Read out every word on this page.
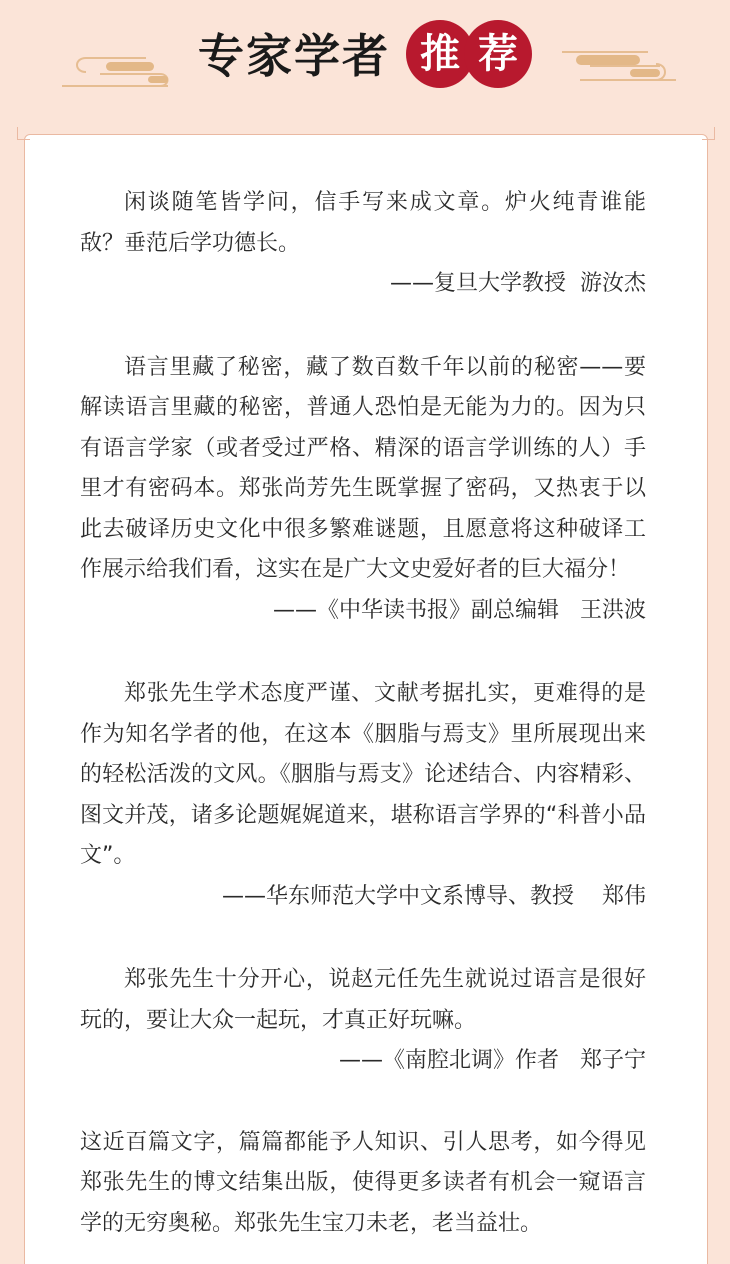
专家学者 推 荐

闲谈随笔皆学问，信手写来成文章。炉火纯青谁能敌？垂范后学功德长。

——复旦大学教授  游汝杰

语言里藏了秘密，藏了数百数千年以前的秘密——要解读语言里藏的秘密，普通人恐怕是无能为力的。因为只有语言学家（或者受过严格、精深的语言学训练的人）手里才有密码本。郑张尚芳先生既掌握了密码，又热衷于以此去破译历史文化中很多繁难谜题，且愿意将这种破译工作展示给我们看，这实在是广大文史爱好者的巨大福分！

——《中华读书报》副总编辑   王洪波

郑张先生学术态度严谨、文献考据扎实，更难得的是作为知名学者的他，在这本《胭脂与焉支》里所展现出来的轻松活泼的文风。《胭脂与焉支》论述结合、内容精彩、图文并茂，诸多论题娓娓道来，堪称语言学界的“科普小品文”。

——华东师范大学中文系博导、教授    郑伟

郑张先生十分开心，说赵元任先生就说过语言是很好玩的，要让大众一起玩，才真正好玩嘛。

——《南腔北调》作者   郑子宁

这近百篇文字，篇篇都能予人知识、引人思考，如今得见郑张先生的博文结集出版，使得更多读者有机会一窥语言学的无穷奥秘。郑张先生宝刀未老，老当益壮。
